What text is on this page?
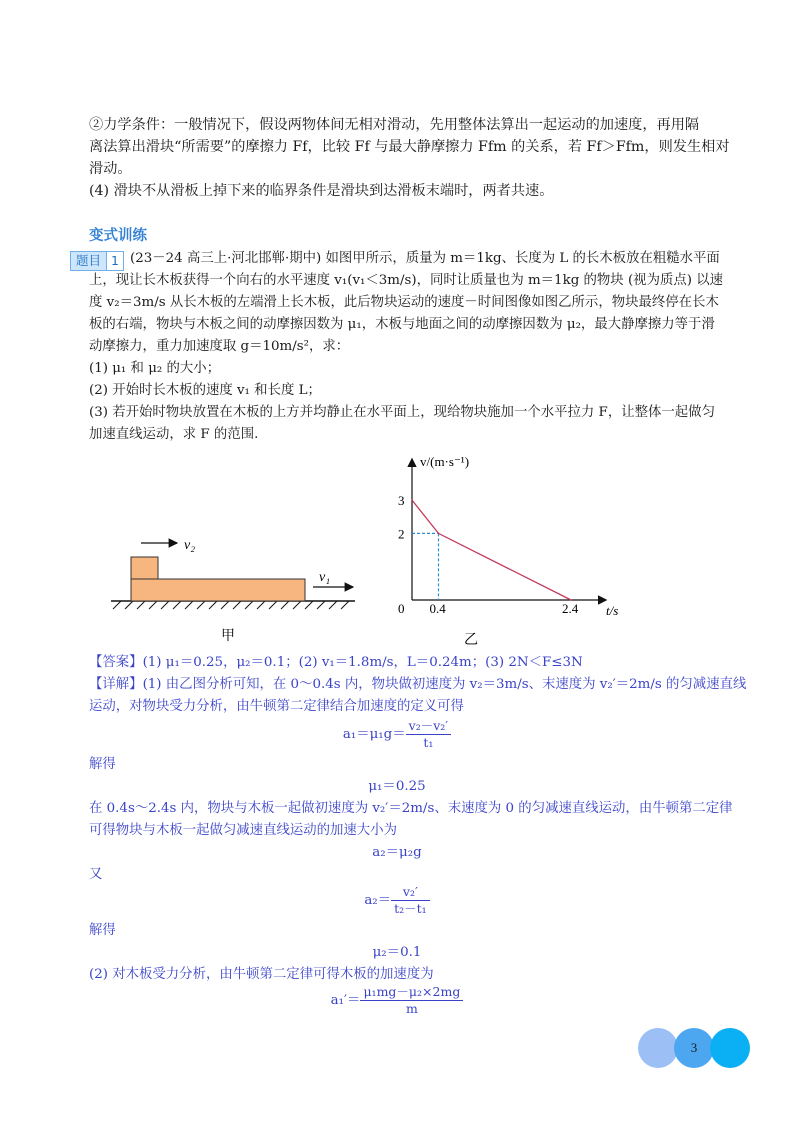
②力学条件：一般情况下，假设两物体间无相对滑动，先用整体法算出一起运动的加速度，再用隔
离法算出滑块“所需要”的摩擦力 Ff，比较 Ff 与最大静摩擦力 Ffm 的关系，若 Ff＞Ffm，则发生相对
滑动。
(4) 滑块不从滑板上掉下来的临界条件是滑块到达滑板末端时，两者共速。
变式训练
题目 1 (23－24 高三上·河北邯郸·期中) 如图甲所示，质量为 m＝1kg、长度为 L 的长木板放在粗糙水平面
上，现让长木板获得一个向右的水平速度 v₁(v₁＜3m/s)，同时让质量也为 m＝1kg 的物块 (视为质点) 以速
度 v₂＝3m/s 从长木板的左端滑上长木板，此后物块运动的速度－时间图像如图乙所示，物块最终停在长木
板的右端，物块与木板之间的动摩擦因数为 μ₁，木板与地面之间的动摩擦因数为 μ₂，最大静摩擦力等于滑
动摩擦力，重力加速度取 g＝10m/s²，求：
(1) μ₁ 和 μ₂ 的大小；
(2) 开始时长木板的速度 v₁ 和长度 L；
(3) 若开始时物块放置在木板的上方并均静止在水平面上，现给物块施加一个水平拉力 F，让整体一起做匀
加速直线运动，求 F 的范围.
v₂
v₁
甲
v/(m·s⁻¹)
t/s
0
3
2
0.4	2.4
乙
【答案】(1) μ₁＝0.25，μ₂＝0.1；(2) v₁＝1.8m/s，L＝0.24m；(3) 2N＜F≤3N
【详解】(1) 由乙图分析可知，在 0～0.4s 内，物块做初速度为 v₂＝3m/s、末速度为 v₂′＝2m/s 的匀减速直线
运动，对物块受力分析，由牛顿第二定律结合加速度的定义可得
$a_1=\mu_1g= \frac{\text{v₂－v₂′}}{\text{t₁}}$
解得
μ₁＝0.25
在 0.4s～2.4s 内，物块与木板一起做初速度为 v₂′＝2m/s、末速度为 0 的匀减速直线运动，由牛顿第二定律
可得物块与木板一起做匀减速直线运动的加速大小为
a₂＝μ₂g
又
$a_2= \frac{\text{v₂′}}{\text{t₂－t₁}}$
解得
μ₂＝0.1
(2) 对木板受力分析，由牛顿第二定律可得木板的加速度为
$a_1'= \frac{\text{μ₁mg－μ₂×2mg}}{m}$
3
